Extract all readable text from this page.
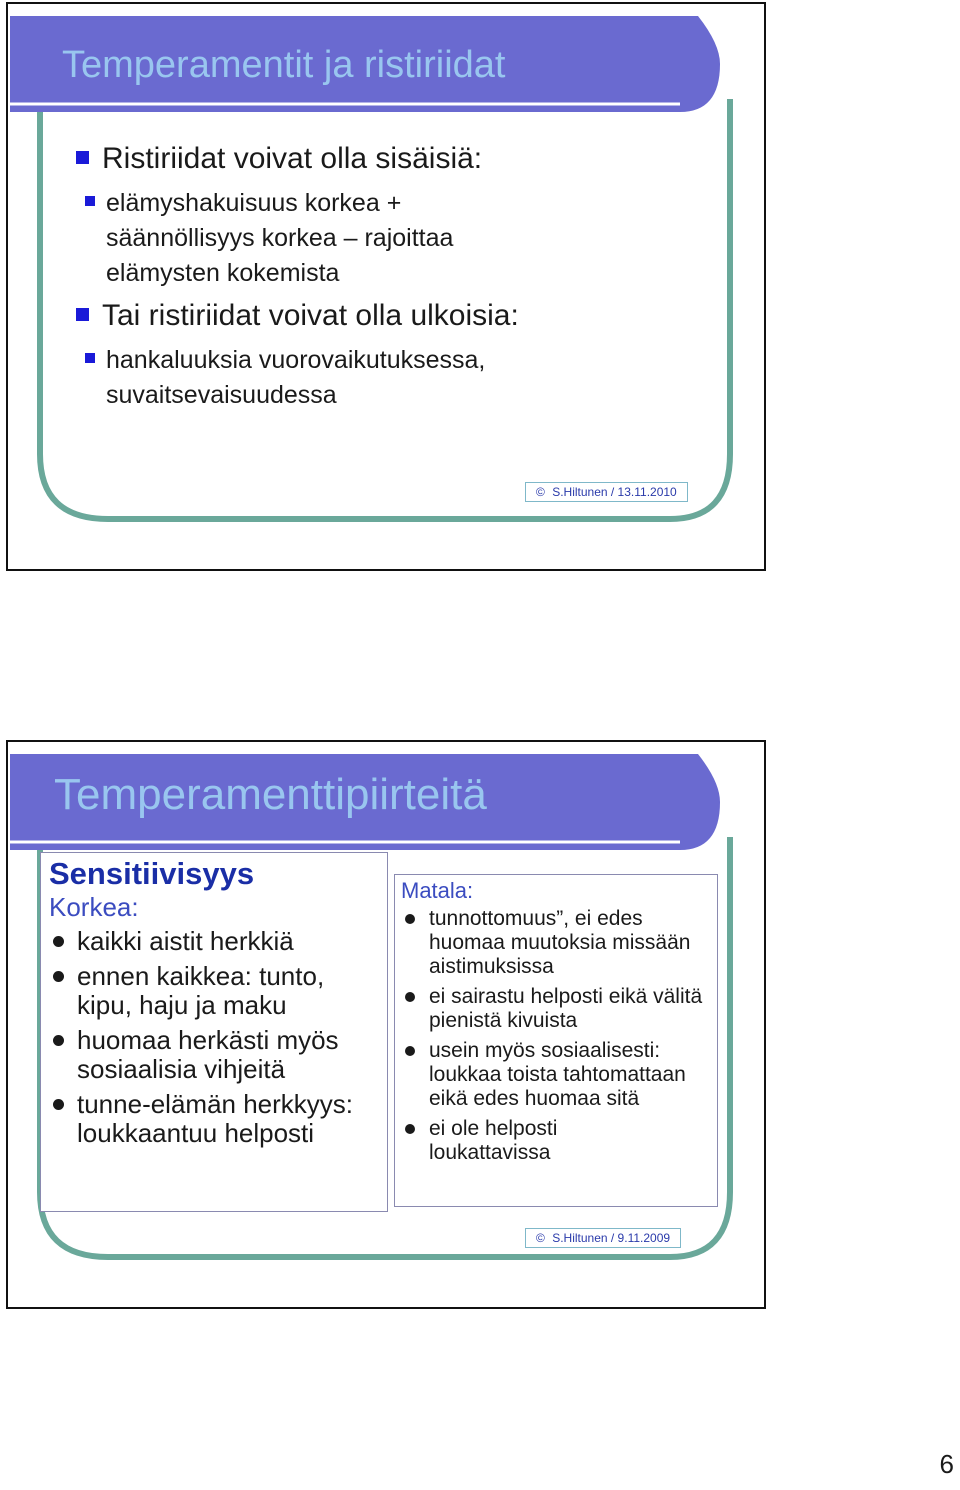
Temperamentit ja ristiriidat
Ristiriidat voivat olla sisäisiä:
elämyshakuisuus korkea + säännöllisyys korkea – rajoittaa elämysten kokemista
Tai ristiriidat voivat olla ulkoisia:
hankaluuksia vuorovaikutuksessa, suvaitsevaisuudessa
© S.Hiltunen / 13.11.2010
Temperamenttipiirteitä
Sensitiivisyys
Korkea:
kaikki aistit herkkiä
ennen kaikkea: tunto, kipu, haju ja maku
huomaa herkästi myös sosiaalisia vihjeitä
tunne-elämän herkkyys: loukkaantuu helposti
Matala:
tunnottomuus”, ei edes huomaa muutoksia missään aistimuksissa
ei sairastu helposti eikä välitä pienistä kivuista
usein myös sosiaalisesti: loukkaa toista tahtomattaan eikä edes huomaa sitä
ei ole helposti loukattavissa
© S.Hiltunen / 9.11.2009
6
